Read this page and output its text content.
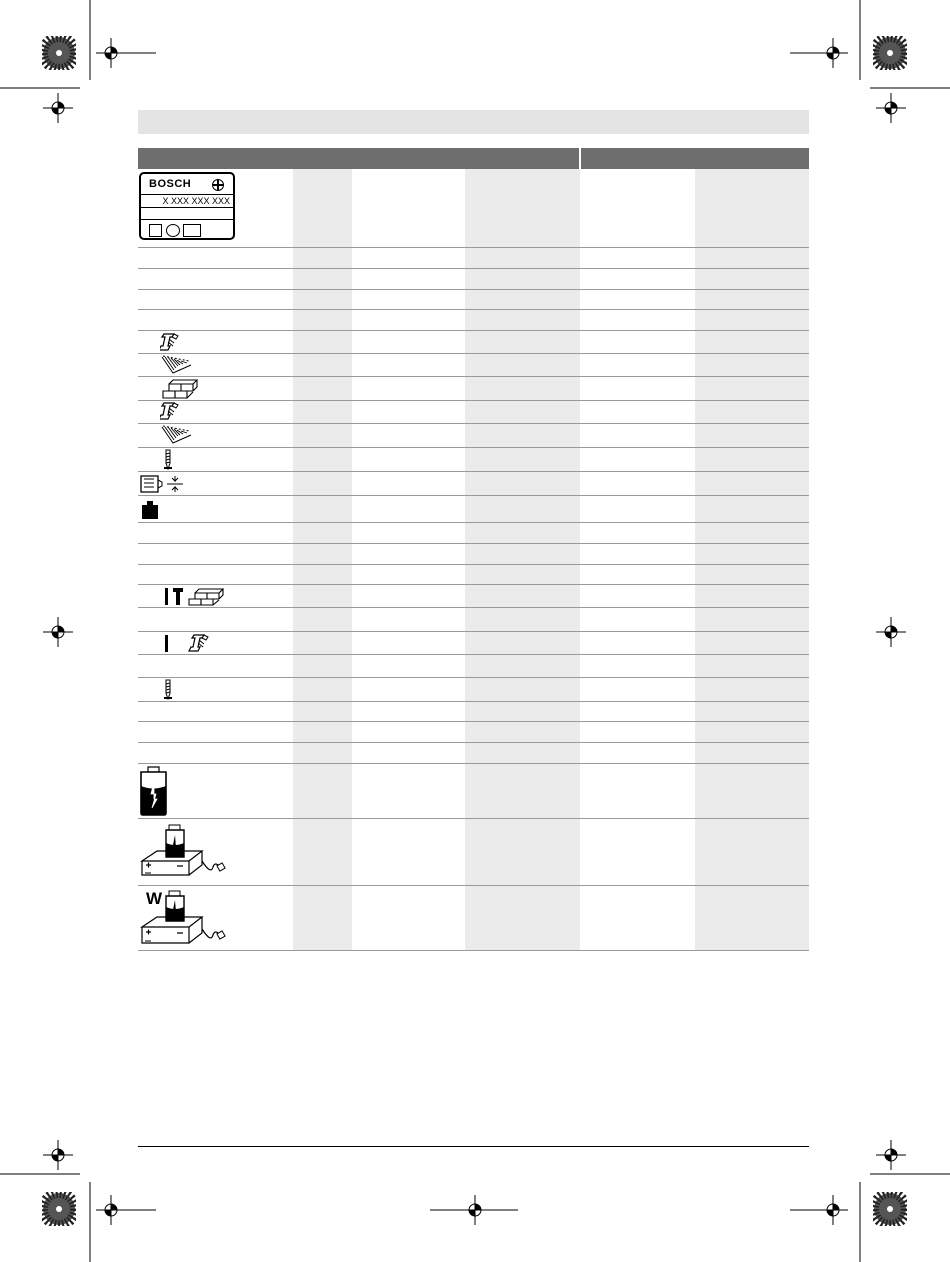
BOSCH
X XXX XXX XXX
W
